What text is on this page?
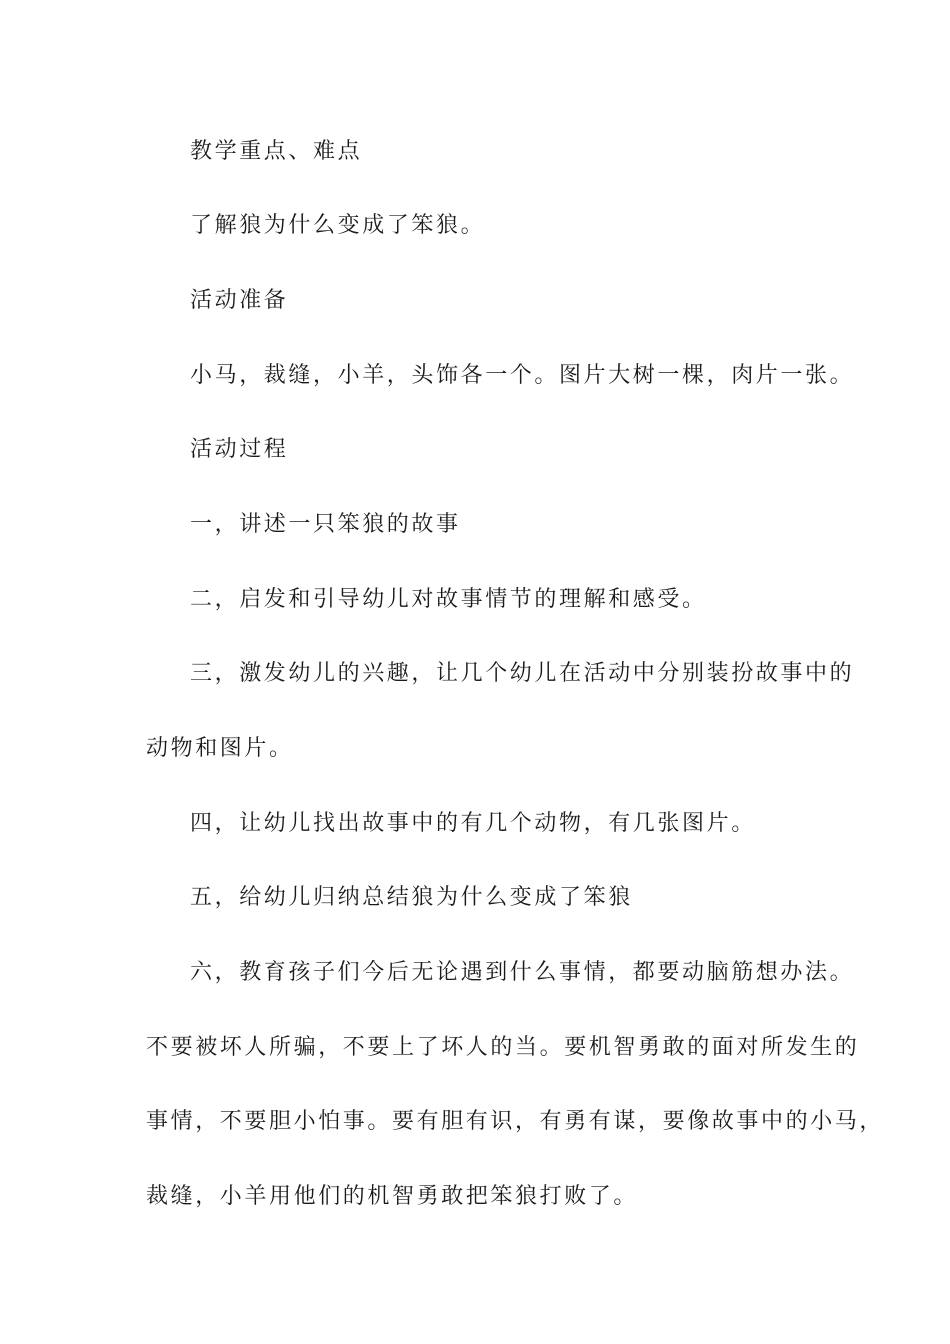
教学重点、难点

了解狼为什么变成了笨狼。

活动准备

小马，裁缝，小羊，头饰各一个。图片大树一棵，肉片一张。

活动过程

一，讲述一只笨狼的故事

二，启发和引导幼儿对故事情节的理解和感受。

三，激发幼儿的兴趣，让几个幼儿在活动中分别装扮故事中的

动物和图片。

四，让幼儿找出故事中的有几个动物，有几张图片。

五，给幼儿归纳总结狼为什么变成了笨狼

六，教育孩子们今后无论遇到什么事情，都要动脑筋想办法。

不要被坏人所骗，不要上了坏人的当。要机智勇敢的面对所发生的

事情，不要胆小怕事。要有胆有识，有勇有谋，要像故事中的小马，

裁缝，小羊用他们的机智勇敢把笨狼打败了。
